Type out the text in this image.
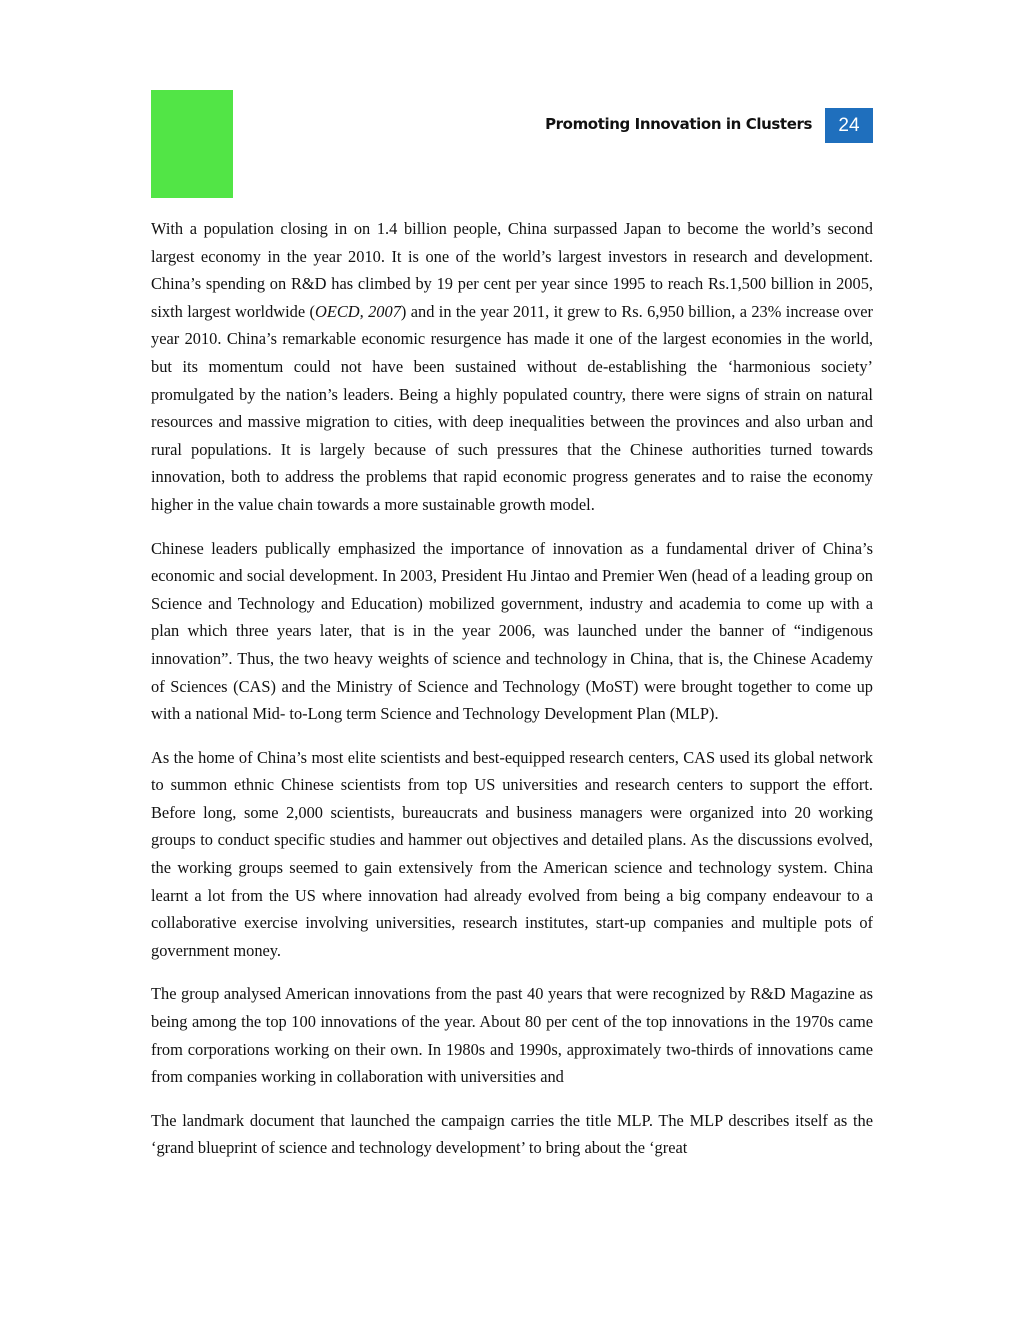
Promoting Innovation in Clusters	24

With a population closing in on 1.4 billion people, China surpassed Japan to become the world’s second largest economy in the year 2010. It is one of the world’s largest investors in research and development. China’s spending on R&D has climbed by 19 per cent per year since 1995 to reach Rs.1,500 billion in 2005, sixth largest worldwide (OECD, 2007) and in the year 2011, it grew to Rs. 6,950 billion, a 23% increase over year 2010. China’s remarkable economic resurgence has made it one of the largest economies in the world, but its momentum could not have been sustained without de-establishing the ‘harmonious society’ promulgated by the nation’s leaders. Being a highly populated country, there were signs of strain on natural resources and massive migration to cities, with deep inequalities between the provinces and also urban and rural populations. It is largely because of such pressures that the Chinese authorities turned towards innovation, both to address the problems that rapid economic progress generates and to raise the economy higher in the value chain towards a more sustainable growth model.

Chinese leaders publically emphasized the importance of innovation as a fundamental driver of China’s economic and social development. In 2003, President Hu Jintao and Premier Wen (head of a leading group on Science and Technology and Education) mobilized government, industry and academia to come up with a plan which three years later, that is in the year 2006, was launched under the banner of “indigenous innovation”. Thus, the two heavy weights of science and technology in China, that is, the Chinese Academy of Sciences (CAS) and the Ministry of Science and Technology (MoST) were brought together to come up with a national Mid- to-Long term Science and Technology Development Plan (MLP).

As the home of China’s most elite scientists and best-equipped research centers, CAS used its global network to summon ethnic Chinese scientists from top US universities and research centers to support the effort. Before long, some 2,000 scientists, bureaucrats and business managers were organized into 20 working groups to conduct specific studies and hammer out objectives and detailed plans. As the discussions evolved, the working groups seemed to gain extensively from the American science and technology system. China learnt a lot from the US where innovation had already evolved from being a big company endeavour to a collaborative exercise involving universities, research institutes, start-up companies and multiple pots of government money.

The group analysed American innovations from the past 40 years that were recognized by R&D Magazine as being among the top 100 innovations of the year. About 80 per cent of the top innovations in the 1970s came from corporations working on their own. In 1980s and 1990s, approximately two-thirds of innovations came from companies working in collaboration with universities and

The landmark document that launched the campaign carries the title MLP. The MLP describes itself as the ‘grand blueprint of science and technology development’ to bring about the ‘great
